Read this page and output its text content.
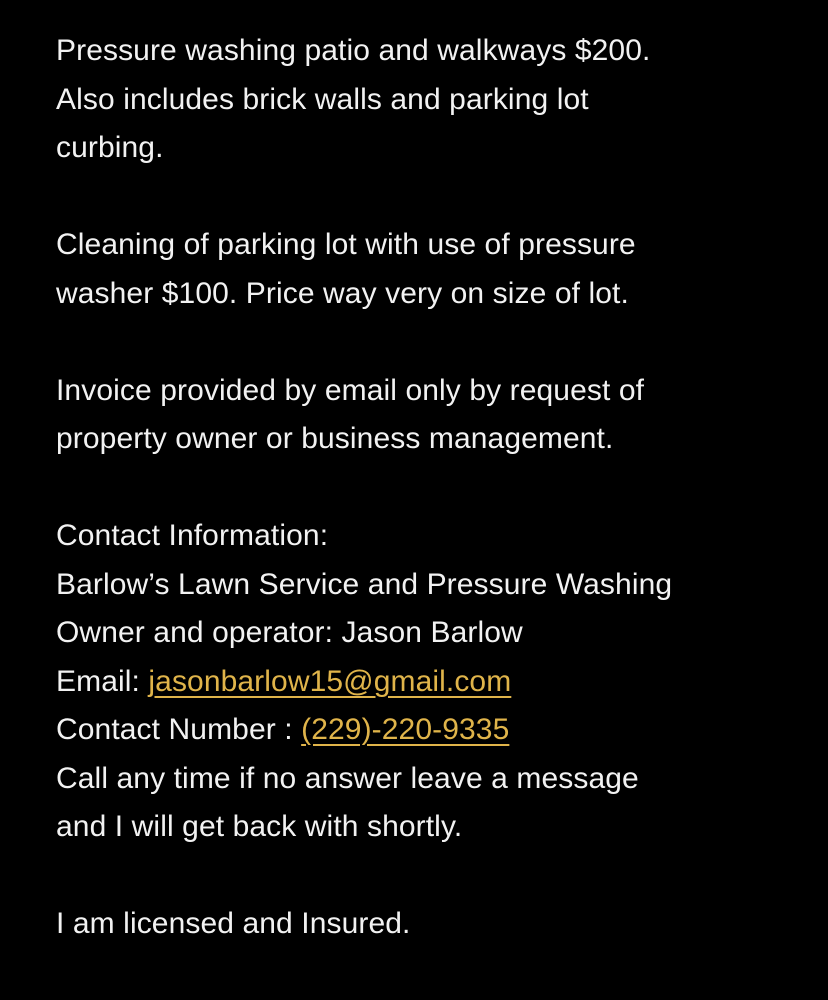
Pressure washing patio and walkways $200.
Also includes brick walls and parking lot
curbing.
Cleaning of parking lot with use of pressure
washer $100. Price way very on size of lot.
Invoice provided by email only by request of
property owner or business management.
Contact Information:
Barlow’s Lawn Service and Pressure Washing
Owner and operator: Jason Barlow
Email: jasonbarlow15@gmail.com
Contact Number : (229)-220-9335
Call any time if no answer leave a message
and I will get back with shortly.
I am licensed and Insured.
